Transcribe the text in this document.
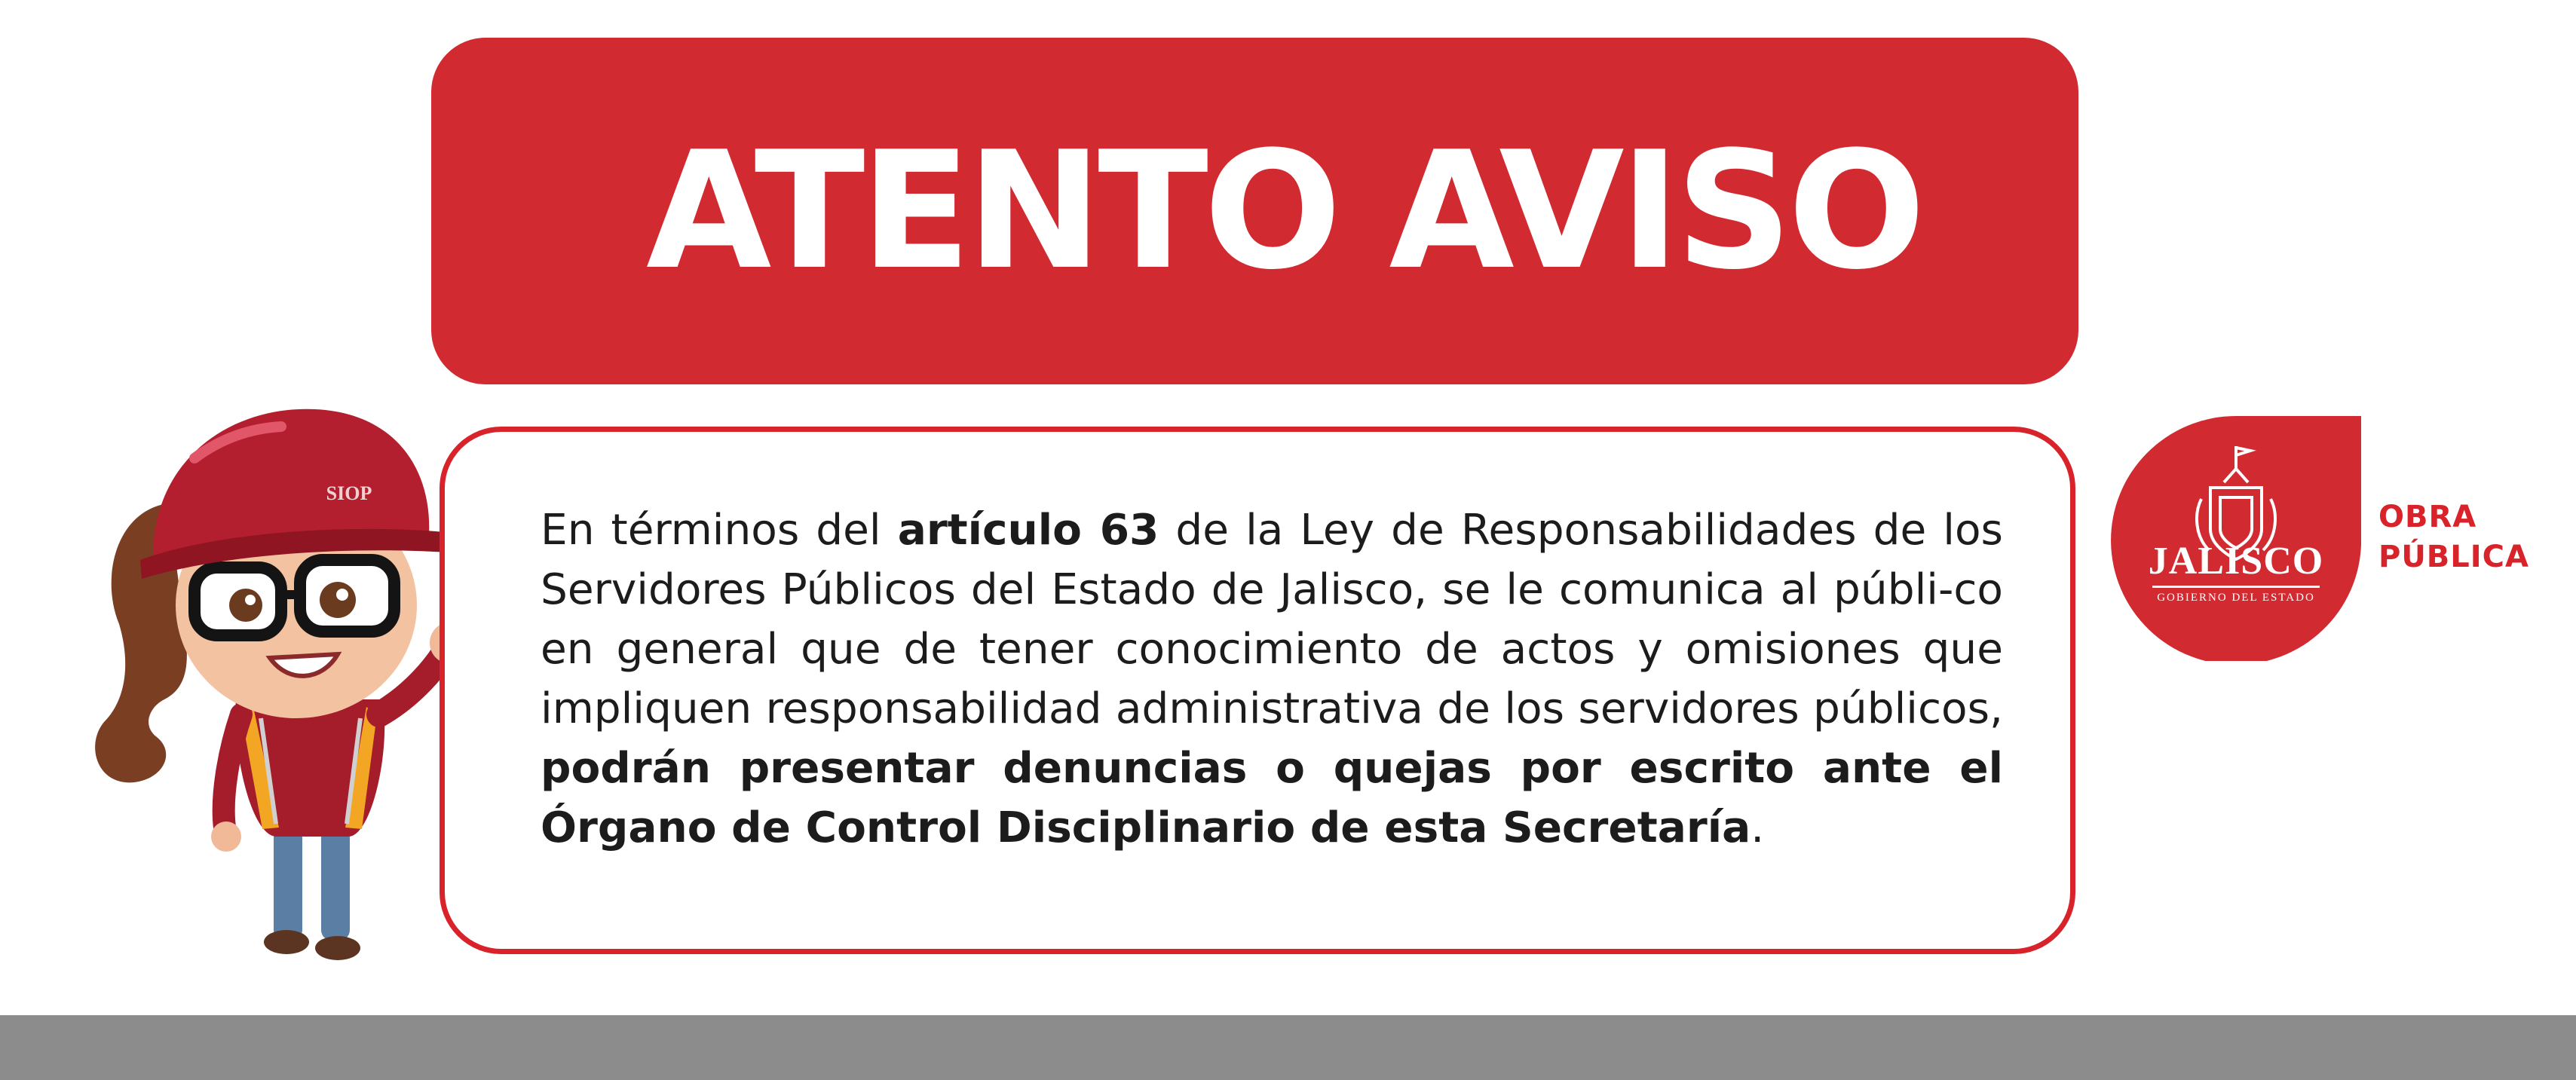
ATENTO AVISO
SIOP

En términos del artículo 63 de la Ley de Responsabilidades de los Servidores Públicos del Estado de Jalisco, se le comunica al públi-co en general que de tener conocimiento de actos y omisiones que impliquen responsabilidad administrativa de los servidores públicos, podrán presentar denuncias o quejas por escrito ante el Órgano de Control Disciplinario de esta Secretaría.

JALISCO
GOBIERNO DEL ESTADO

OBRA
PÚBLICA
